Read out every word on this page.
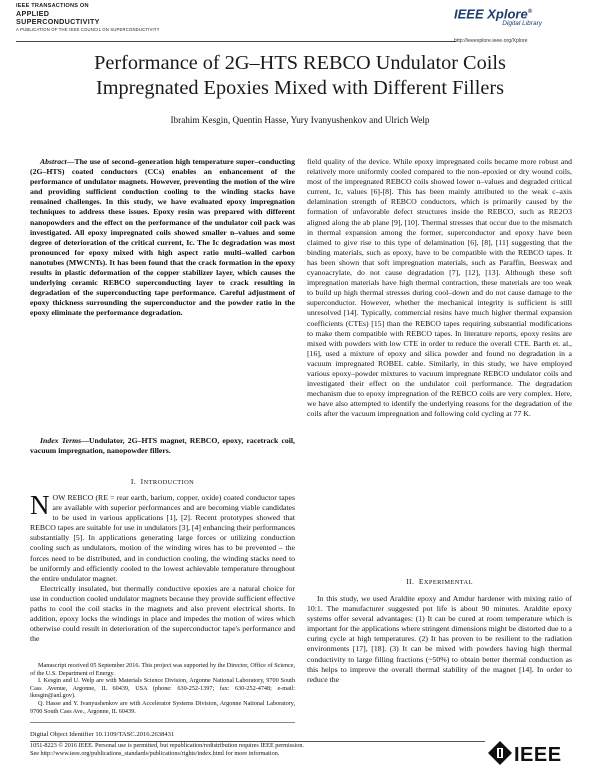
IEEE TRANSACTIONS ON
APPLIED
SUPERCONDUCTIVITY
A PUBLICATION OF THE IEEE COUNCIL ON SUPERCONDUCTIVITY
IEEE Xplore®
Digital Library
http://ieeexplore.ieee.org/Xplore
Performance of 2G–HTS REBCO Undulator Coils
Impregnated Epoxies Mixed with Different Fillers
Ibrahim Kesgin, Quentin Hasse, Yury Ivanyushenkov and Ulrich Welp

Abstract—The use of second–generation high temperature super–conducting (2G–HTS) coated conductors (CCs) enables an enhancement of the performance of undulator magnets. However, preventing the motion of the wire and providing sufficient conduction cooling to the winding stacks have remained challenges. In this study, we have evaluated epoxy impregnation techniques to address these issues. Epoxy resin was prepared with different nanopowders and the effect on the performance of the undulator coil pack was investigated. All epoxy impregnated coils showed smaller n–values and some degree of deterioration of the critical current, Ic. The Ic degradation was most pronounced for epoxy mixed with high aspect ratio multi–walled carbon nanotubes (MWCNTs). It has been found that the crack formation in the epoxy results in plastic deformation of the copper stabilizer layer, which causes the underlying ceramic REBCO superconducting layer to crack resulting in degradation of the superconducting tape performance. Careful adjustment of epoxy thickness surrounding the superconductor and the powder ratio in the epoxy eliminate the performance degradation.

Index Terms—Undulator, 2G–HTS magnet, REBCO, epoxy, racetrack coil, vacuum impregnation, nanopowder fillers.

I. INTRODUCTION

NOW REBCO (RE = rear earth, barium, copper, oxide) coated conductor tapes are available with superior performances and are becoming viable candidates to be used in various applications [1], [2]. Recent prototypes showed that REBCO tapes are suitable for use in undulators [3], [4] enhancing their performances substantially [5]. In applications generating large forces or utilizing conduction cooling such as undulators, motion of the winding wires has to be prevented – the forces need to be distributed, and in conduction cooling, the winding stacks need to be uniformly and efficiently cooled to the lowest achievable temperature throughout the entire undulator magnet.

Electrically insulated, but thermally conductive epoxies are a natural choice for use in conduction cooled undulator magnets because they provide sufficient effective paths to cool the coil stacks in the magnets and also prevent electrical shorts. In addition, epoxy locks the windings in place and impedes the motion of wires which otherwise could result in deterioration of the superconductor tape's performance and the

Manuscript received 05 September 2016. This project was supported by the Director, Office of Science, of the U.S. Department of Energy.

I. Kesgin and U. Welp are with Materials Science Division, Argonne National Laboratory, 9700 South Cass Avenue, Argonne, IL 60439, USA (phone: 630-252-1397; fax: 630-252-4748; e-mail: ikesgin@anl.gov).

Q. Hasse and Y. Ivanyushenkov are with Accelerator Systems Division, Argonne National Laboratory, 9700 South Cass Ave., Argonne, IL 60439.

Digital Object Identifier 10.1109/TASC.2016.2638431

field quality of the device. While epoxy impregnated coils became more robust and relatively more uniformly cooled compared to the non–epoxied or dry wound coils, most of the impregnated REBCO coils showed lower n–values and degraded critical current, Ic, values [6]-[8]. This has been mainly attributed to the weak c–axis delamination strength of REBCO conductors, which is primarily caused by the formation of unfavorable defect structures inside the REBCO, such as RE2O3 aligned along the ab plane [9], [10]. Thermal stresses that occur due to the mismatch in thermal expansion among the former, superconductor and epoxy have been claimed to give rise to this type of delamination [6], [8], [11] suggesting that the binding materials, such as epoxy, have to be compatible with the REBCO tapes. It has been shown that soft impregnation materials, such as Paraffin, Beeswax and cyanoacrylate, do not cause degradation [7], [12], [13]. Although these soft impregnation materials have high thermal contraction, these materials are too weak to build up high thermal stresses during cool–down and do not cause damage to the superconductor. However, whether the mechanical integrity is sufficient is still unresolved [14]. Typically, commercial resins have much higher thermal expansion coefficients (CTEs) [15] than the REBCO tapes requiring substantial modifications to make them compatible with REBCO tapes. In literature reports, epoxy resins are mixed with powders with low CTE in order to reduce the overall CTE. Barth et. al., [16], used a mixture of epoxy and silica powder and found no degradation in a vacuum impregnated ROBEL cable. Similarly, in this study, we have employed various epoxy–powder mixtures to vacuum impregnate REBCO undulator coils and investigated their effect on the undulator coil performance. The degradation mechanism due to epoxy impregnation of the REBCO coils are very complex. Here, we have also attempted to identify the underlying reasons for the degradation of the coils after the vacuum impregnation and following cold cycling at 77 K.

II. EXPERIMENTAL

In this study, we used Araldite epoxy and Amdur hardener with mixing ratio of 10:1. The manufacturer suggested pot life is about 90 minutes. Araldite epoxy systems offer several advantages: (1) It can be cured at room temperature which is important for the applications where stringent dimensions might be distorted due to a curing cycle at high temperatures. (2) It has proven to be resilient to the radiation environments [17], [18]. (3) It can be mixed with powders having high thermal conductivity to large filling fractions (~50%) to obtain better thermal conduction as this helps to improve the overall thermal stability of the magnet [14]. In order to reduce the

1051-8223 © 2016 IEEE. Personal use is permitted, but republication/redistribution requires IEEE permission.
See http://www.ieee.org/publications_standards/publications/rights/index.html for more information.	IEEE
